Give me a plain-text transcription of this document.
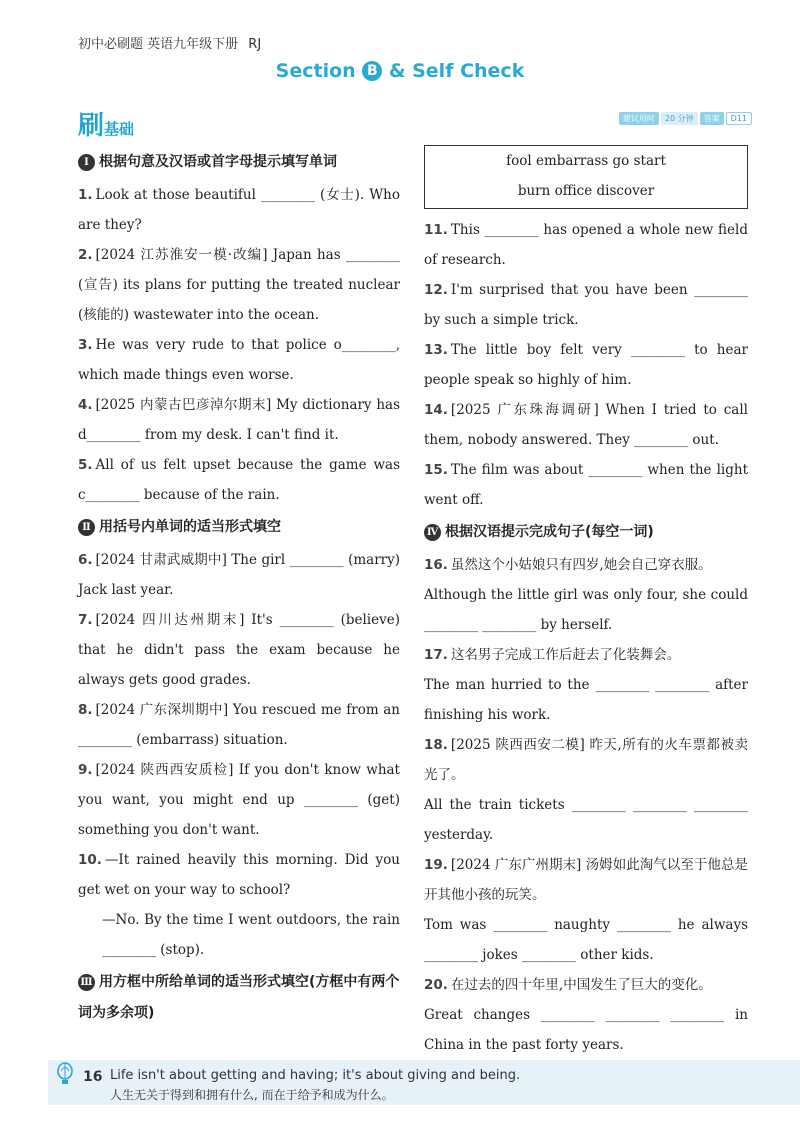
初中必刷题 英语九年级下册 RJ
Section B & Self Check
刷基础
建议用时 20 分钟 答案 D11
Ⅰ 根据句意及汉语或首字母提示填写单词
1. Look at those beautiful ________ (女士). Who are they?
2. [2024 江苏淮安一模·改编] Japan has ________ (宣告) its plans for putting the treated nuclear (核能的) wastewater into the ocean.
3. He was very rude to that police o________, which made things even worse.
4. [2025 内蒙古巴彦淖尔期末] My dictionary has d________ from my desk. I can't find it.
5. All of us felt upset because the game was c________ because of the rain.
Ⅱ 用括号内单词的适当形式填空
6. [2024 甘肃武威期中] The girl ________ (marry) Jack last year.
7. [2024 四川达州期末] It's ________ (believe) that he didn't pass the exam because he always gets good grades.
8. [2024 广东深圳期中] You rescued me from an ________ (embarrass) situation.
9. [2024 陕西西安质检] If you don't know what you want, you might end up ________ (get) something you don't want.
10. —It rained heavily this morning. Did you get wet on your way to school?
—No. By the time I went outdoors, the rain ________ (stop).
Ⅲ 用方框中所给单词的适当形式填空(方框中有两个词为多余项)
fool embarrass go start
burn office discover
11. This ________ has opened a whole new field of research.
12. I'm surprised that you have been ________ by such a simple trick.
13. The little boy felt very ________ to hear people speak so highly of him.
14. [2025 广东珠海调研] When I tried to call them, nobody answered. They ________ out.
15. The film was about ________ when the light went off.
Ⅳ 根据汉语提示完成句子(每空一词)
16. 虽然这个小姑娘只有四岁,她会自己穿衣服。
Although the little girl was only four, she could ________ ________ by herself.
17. 这名男子完成工作后赶去了化装舞会。
The man hurried to the ________ ________ after finishing his work.
18. [2025 陕西西安二模] 昨天,所有的火车票都被卖光了。
All the train tickets ________ ________ ________ yesterday.
19. [2024 广东广州期末] 汤姆如此淘气以至于他总是开其他小孩的玩笑。
Tom was ________ naughty ________ he always ________ jokes ________ other kids.
20. 在过去的四十年里,中国发生了巨大的变化。
Great changes ________ ________ ________ in China in the past forty years.
16 Life isn't about getting and having; it's about giving and being.
人生无关于得到和拥有什么, 而在于给予和成为什么。
